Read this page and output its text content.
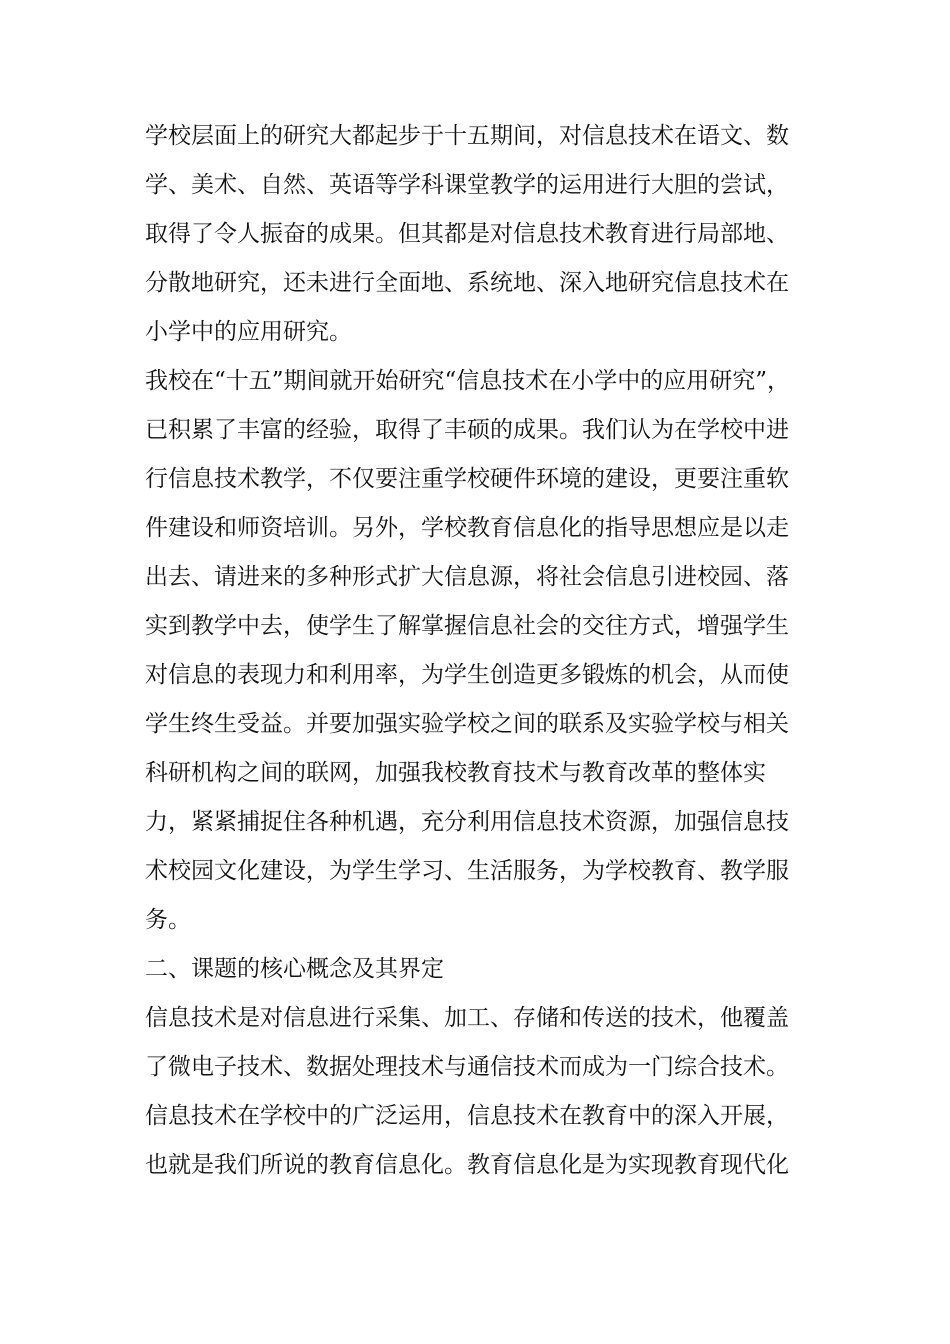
学校层面上的研究大都起步于十五期间，对信息技术在语文、数
学、美术、自然、英语等学科课堂教学的运用进行大胆的尝试，
取得了令人振奋的成果。但其都是对信息技术教育进行局部地、
分散地研究，还未进行全面地、系统地、深入地研究信息技术在
小学中的应用研究。
我校在“十五”期间就开始研究“信息技术在小学中的应用研究”，
已积累了丰富的经验，取得了丰硕的成果。我们认为在学校中进
行信息技术教学，不仅要注重学校硬件环境的建设，更要注重软
件建设和师资培训。另外，学校教育信息化的指导思想应是以走
出去、请进来的多种形式扩大信息源，将社会信息引进校园、落
实到教学中去，使学生了解掌握信息社会的交往方式，增强学生
对信息的表现力和利用率，为学生创造更多锻炼的机会，从而使
学生终生受益。并要加强实验学校之间的联系及实验学校与相关
科研机构之间的联网，加强我校教育技术与教育改革的整体实
力，紧紧捕捉住各种机遇，充分利用信息技术资源，加强信息技
术校园文化建设，为学生学习、生活服务，为学校教育、教学服
务。
二、课题的核心概念及其界定
信息技术是对信息进行采集、加工、存储和传送的技术，他覆盖
了微电子技术、数据处理技术与通信技术而成为一门综合技术。
信息技术在学校中的广泛运用，信息技术在教育中的深入开展，
也就是我们所说的教育信息化。教育信息化是为实现教育现代化
